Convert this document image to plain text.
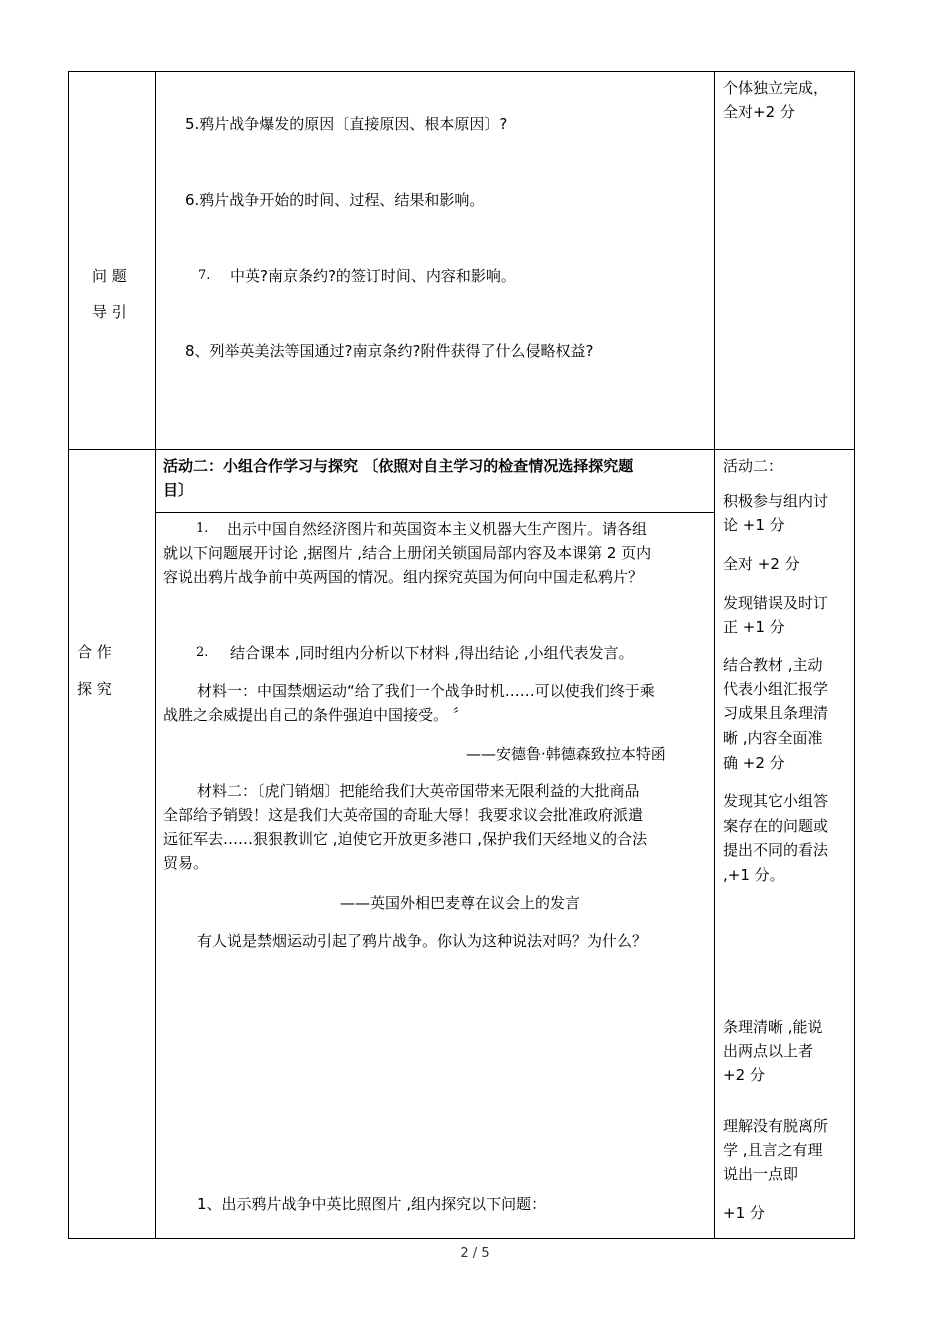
问 题
导 引
合 作
探 究
5.鸦片战争爆发的原因〔直接原因、根本原因〕?
6.鸦片战争开始的时间、过程、结果和影响。
7. 中英?南京条约?的签订时间、内容和影响。
8、列举英美法等国通过?南京条约?附件获得了什么侵略权益?
个体独立完成，
全对+2 分
活动二：小组合作学习与探究 〔依照对自主学习的检查情况选择探究题
目〕
1. 出示中国自然经济图片和英国资本主义机器大生产图片。请各组
就以下问题展开讨论 ,据图片 ,结合上册闭关锁国局部内容及本课第 2 页内
容说出鸦片战争前中英两国的情况。组内探究英国为何向中国走私鸦片？
2. 结合课本 ,同时组内分析以下材料 ,得出结论 ,小组代表发言。
材料一：中国禁烟运动“给了我们一个战争时机……可以使我们终于乘
战胜之余威提出自己的条件强迫中国接受。 〞
——安德鲁·韩德森致拉本特函
材料二：〔虎门销烟〕把能给我们大英帝国带来无限利益的大批商品
全部给予销毁！这是我们大英帝国的奇耻大辱！我要求议会批准政府派遣
远征军去……狠狠教训它 ,迫使它开放更多港口 ,保护我们天经地义的合法
贸易。
——英国外相巴麦尊在议会上的发言
有人说是禁烟运动引起了鸦片战争。你认为这种说法对吗？为什么？
1、出示鸦片战争中英比照图片 ,组内探究以下问题：
活动二：
积极参与组内讨
论 +1 分
全对 +2 分
发现错误及时订
正 +1 分
结合教材 ,主动
代表小组汇报学
习成果且条理清
晰 ,内容全面准
确 +2 分
发现其它小组答
案存在的问题或
提出不同的看法
,+1 分。
条理清晰 ,能说
出两点以上者
+2 分
理解没有脱离所
学 ,且言之有理
说出一点即
+1 分
2 / 5
